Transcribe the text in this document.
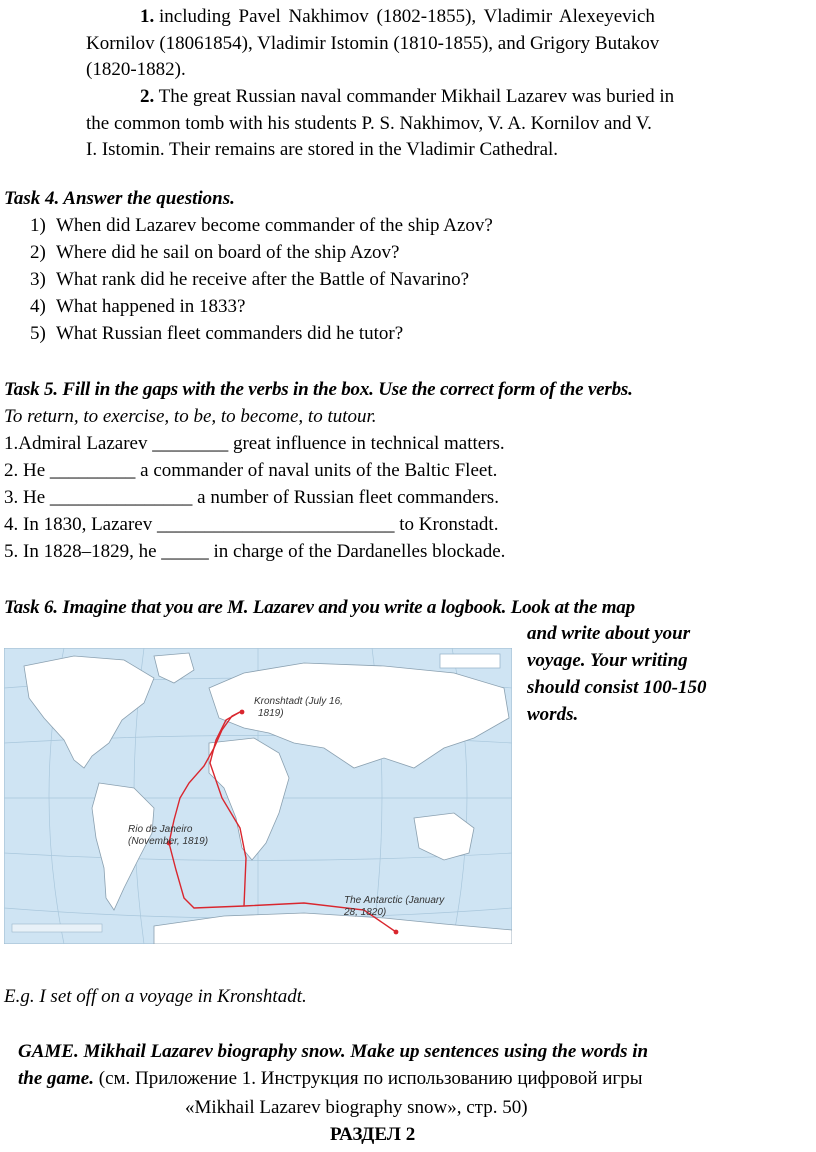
1. including Pavel Nakhimov (1802-1855), Vladimir Alexeyevich
Kornilov (18061854), Vladimir Istomin (1810-1855), and Grigory Butakov
(1820-1882).
2. The great Russian naval commander Mikhail Lazarev was buried in
the common tomb with his students P. S. Nakhimov, V. A. Kornilov and V.
I. Istomin. Their remains are stored in the Vladimir Cathedral.
Task 4. Answer the questions.
1) When did Lazarev become commander of the ship Azov?
2) Where did he sail on board of the ship Azov?
3) What rank did he receive after the Battle of Navarino?
4) What happened in 1833?
5) What Russian fleet commanders did he tutor?
Task 5. Fill in the gaps with the verbs in the box. Use the correct form of the verbs.
To return, to exercise, to be, to become, to tutour.
1.Admiral Lazarev ________ great influence in technical matters.
2. He _________ a commander of naval units of the Baltic Fleet.
3. He _______________ a number of Russian fleet commanders.
4. In 1830, Lazarev _________________________ to Kronstadt.
5. In 1828–1829, he _____ in charge of the Dardanelles blockade.
Task 6. Imagine that you are M. Lazarev and you write a logbook. Look at the map
and write about your
voyage. Your writing
should consist 100-150
words.
Kronshtadt (July 16,
1819)
Rio de Janeiro
(November, 1819)
The Antarctic (January
28, 1820)
E.g. I set off on a voyage in Kronshtadt.
GAME. Mikhail Lazarev biography snow. Make up sentences using the words in
the game. (см. Приложение 1. Инструкция по использованию цифровой игры
«Mikhail Lazarev biography snow», стр. 50)
РАЗДЕЛ 2
